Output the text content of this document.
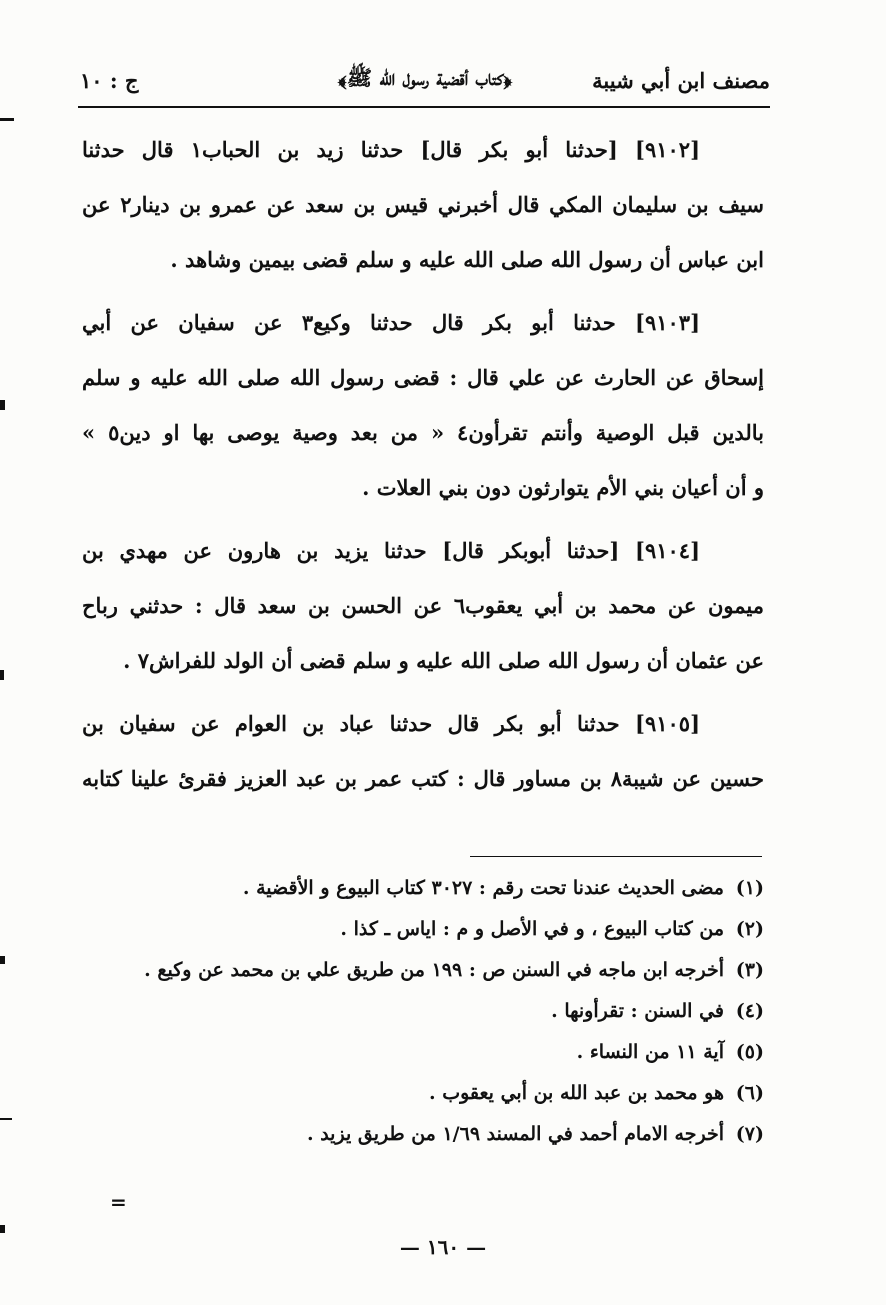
مصنف ابن أبي شيبة
﴿كتاب أقضية رسول الله ﷺ﴾
ج : ١٠
[٩١٠٢] [حدثنا أبو بكر قال] حدثنا زيد بن الحباب١ قال حدثنا
سيف بن سليمان المكي قال أخبرني قيس بن سعد عن عمرو بن دينار٢ عن
ابن عباس أن رسول الله صلى الله عليه و سلم قضى بيمين وشاهد .
[٩١٠٣] حدثنا أبو بكر قال حدثنا وكيع٣ عن سفيان عن أبي
إسحاق عن الحارث عن علي قال : قضى رسول الله صلى الله عليه و سلم
بالدين قبل الوصية وأنتم تقرأون٤ « من بعد وصية يوصى بها او دين٥ »
و أن أعيان بني الأم يتوارثون دون بني العلات .
[٩١٠٤] [حدثنا أبوبكر قال] حدثنا يزيد بن هارون عن مهدي بن
ميمون عن محمد بن أبي يعقوب٦ عن الحسن بن سعد قال : حدثني رباح
عن عثمان أن رسول الله صلى الله عليه و سلم قضى أن الولد للفراش٧ .
[٩١٠٥] حدثنا أبو بكر قال حدثنا عباد بن العوام عن سفيان بن
حسين عن شيبة٨ بن مساور قال : كتب عمر بن عبد العزيز فقرئ علينا كتابه
(١)
مضى الحديث عندنا تحت رقم : ٣٠٢٧ كتاب البيوع و الأقضية .
(٢)
من كتاب البيوع ، و في الأصل و م : اياس ـ كذا .
(٣)
أخرجه ابن ماجه في السنن ص : ١٩٩ من طريق علي بن محمد عن وكيع .
(٤)
في السنن : تقرأونها .
(٥)
آية ١١ من النساء .
(٦)
هو محمد بن عبد الله بن أبي يعقوب .
(٧)
أخرجه الامام أحمد في المسند ١/٦٩ من طريق يزيد .
=
— ١٦٠ —
